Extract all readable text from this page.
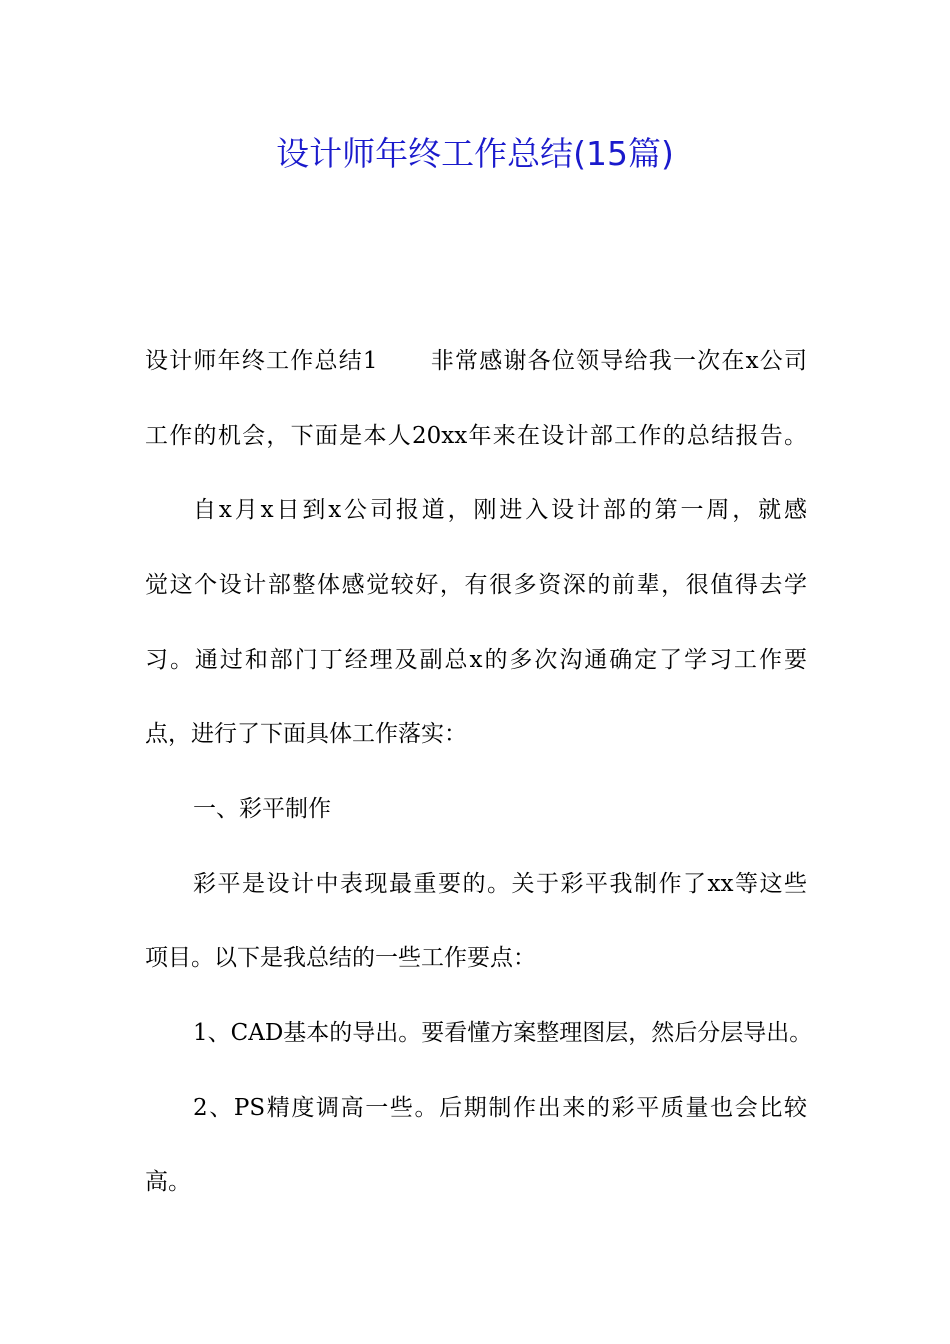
设计师年终工作总结(15篇)

设计师年终工作总结1 非常感谢各位领导给我一次在x公司

工作的机会，下面是本人20xx年来在设计部工作的总结报告。

自x月x日到x公司报道，刚进入设计部的第一周，就感

觉这个设计部整体感觉较好，有很多资深的前辈，很值得去学

习。通过和部门丁经理及副总x的多次沟通确定了学习工作要

点，进行了下面具体工作落实：

一、彩平制作

彩平是设计中表现最重要的。关于彩平我制作了xx等这些

项目。以下是我总结的一些工作要点：

1、CAD基本的导出。要看懂方案整理图层，然后分层导出。

2、PS精度调高一些。后期制作出来的彩平质量也会比较

高。
